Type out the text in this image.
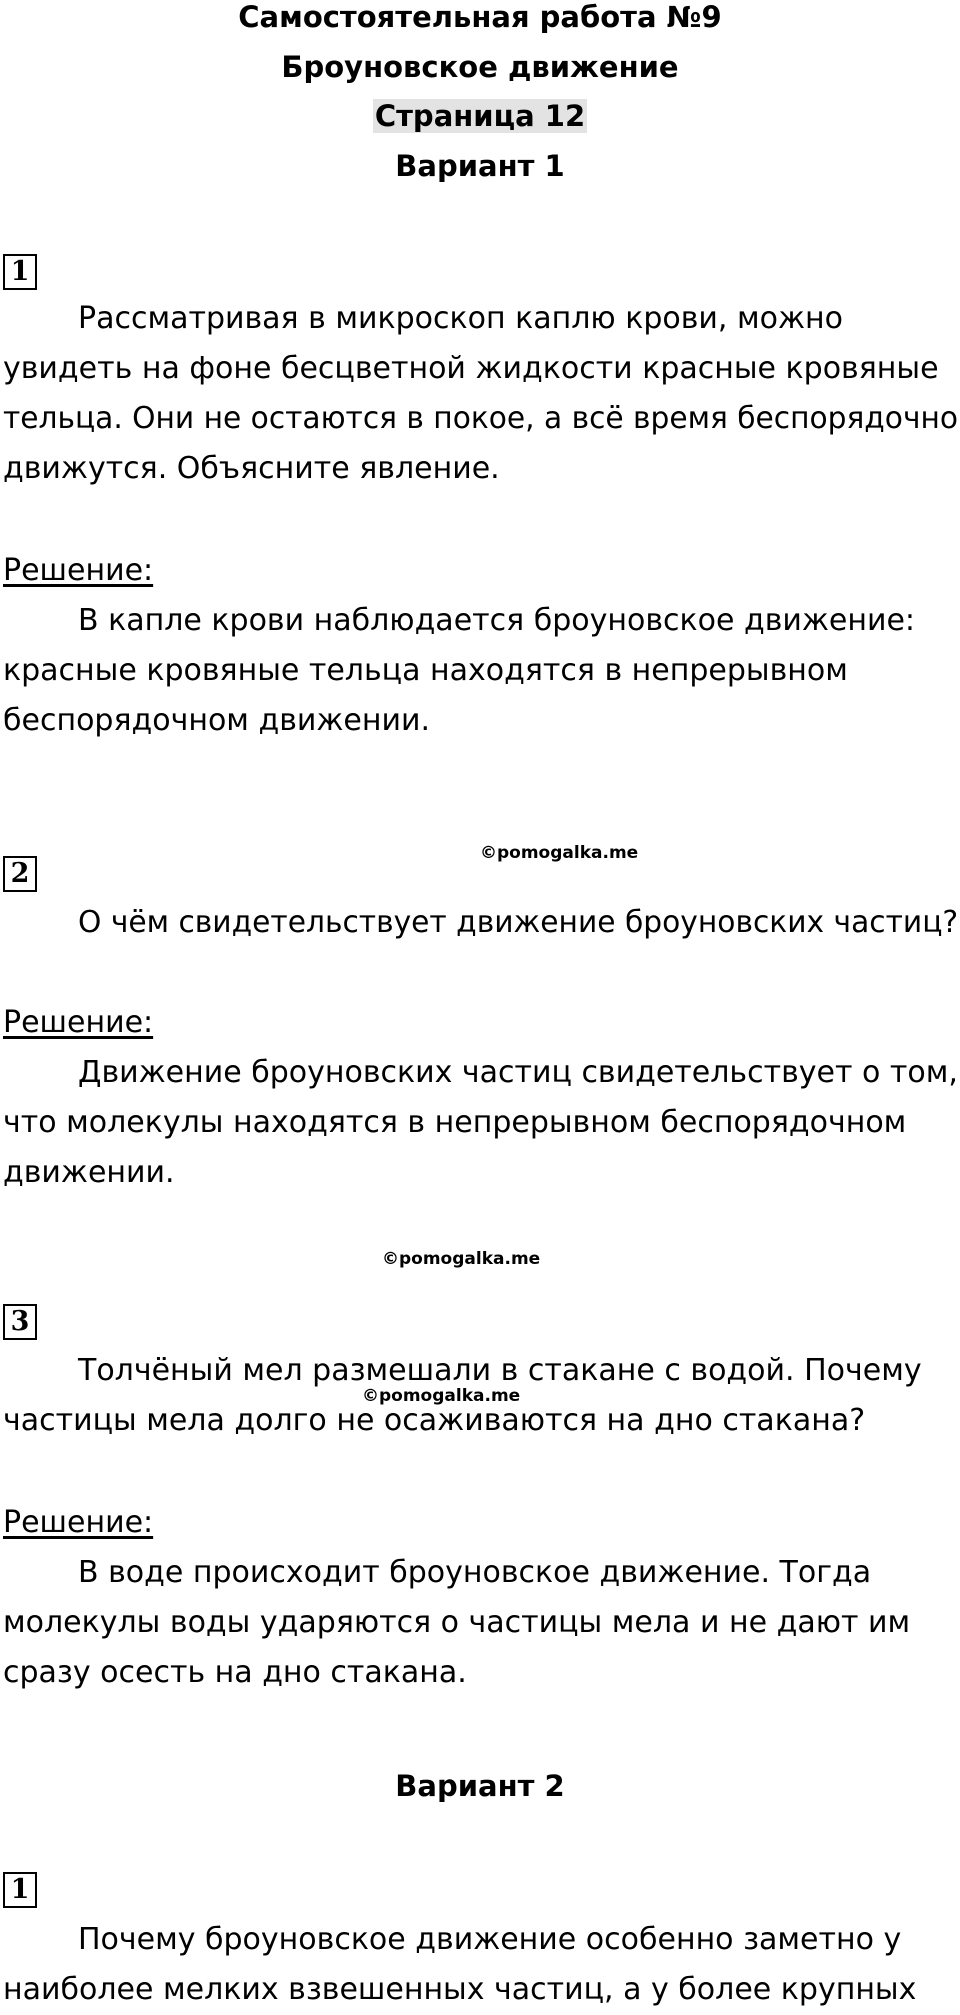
Самостоятельная работа №9
Броуновское движение
Страница 12
Вариант 1
1
Рассматривая в микроскоп каплю крови, можно
увидеть на фоне бесцветной жидкости красные кровяные
тельца. Они не остаются в покое, а всё время беспорядочно
движутся. Объясните явление.
Решение:
В капле крови наблюдается броуновское движение:
красные кровяные тельца находятся в непрерывном
беспорядочном движении.
©pomogalka.me
2
О чём свидетельствует движение броуновских частиц?
Решение:
Движение броуновских частиц свидетельствует о том,
что молекулы находятся в непрерывном беспорядочном
движении.
©pomogalka.me
3
Толчёный мел размешали в стакане с водой. Почему
©pomogalka.me
частицы мела долго не осаживаются на дно стакана?
Решение:
В воде происходит броуновское движение. Тогда
молекулы воды ударяются о частицы мела и не дают им
сразу осесть на дно стакана.
Вариант 2
1
Почему броуновское движение особенно заметно у
наиболее мелких взвешенных частиц, а у более крупных
